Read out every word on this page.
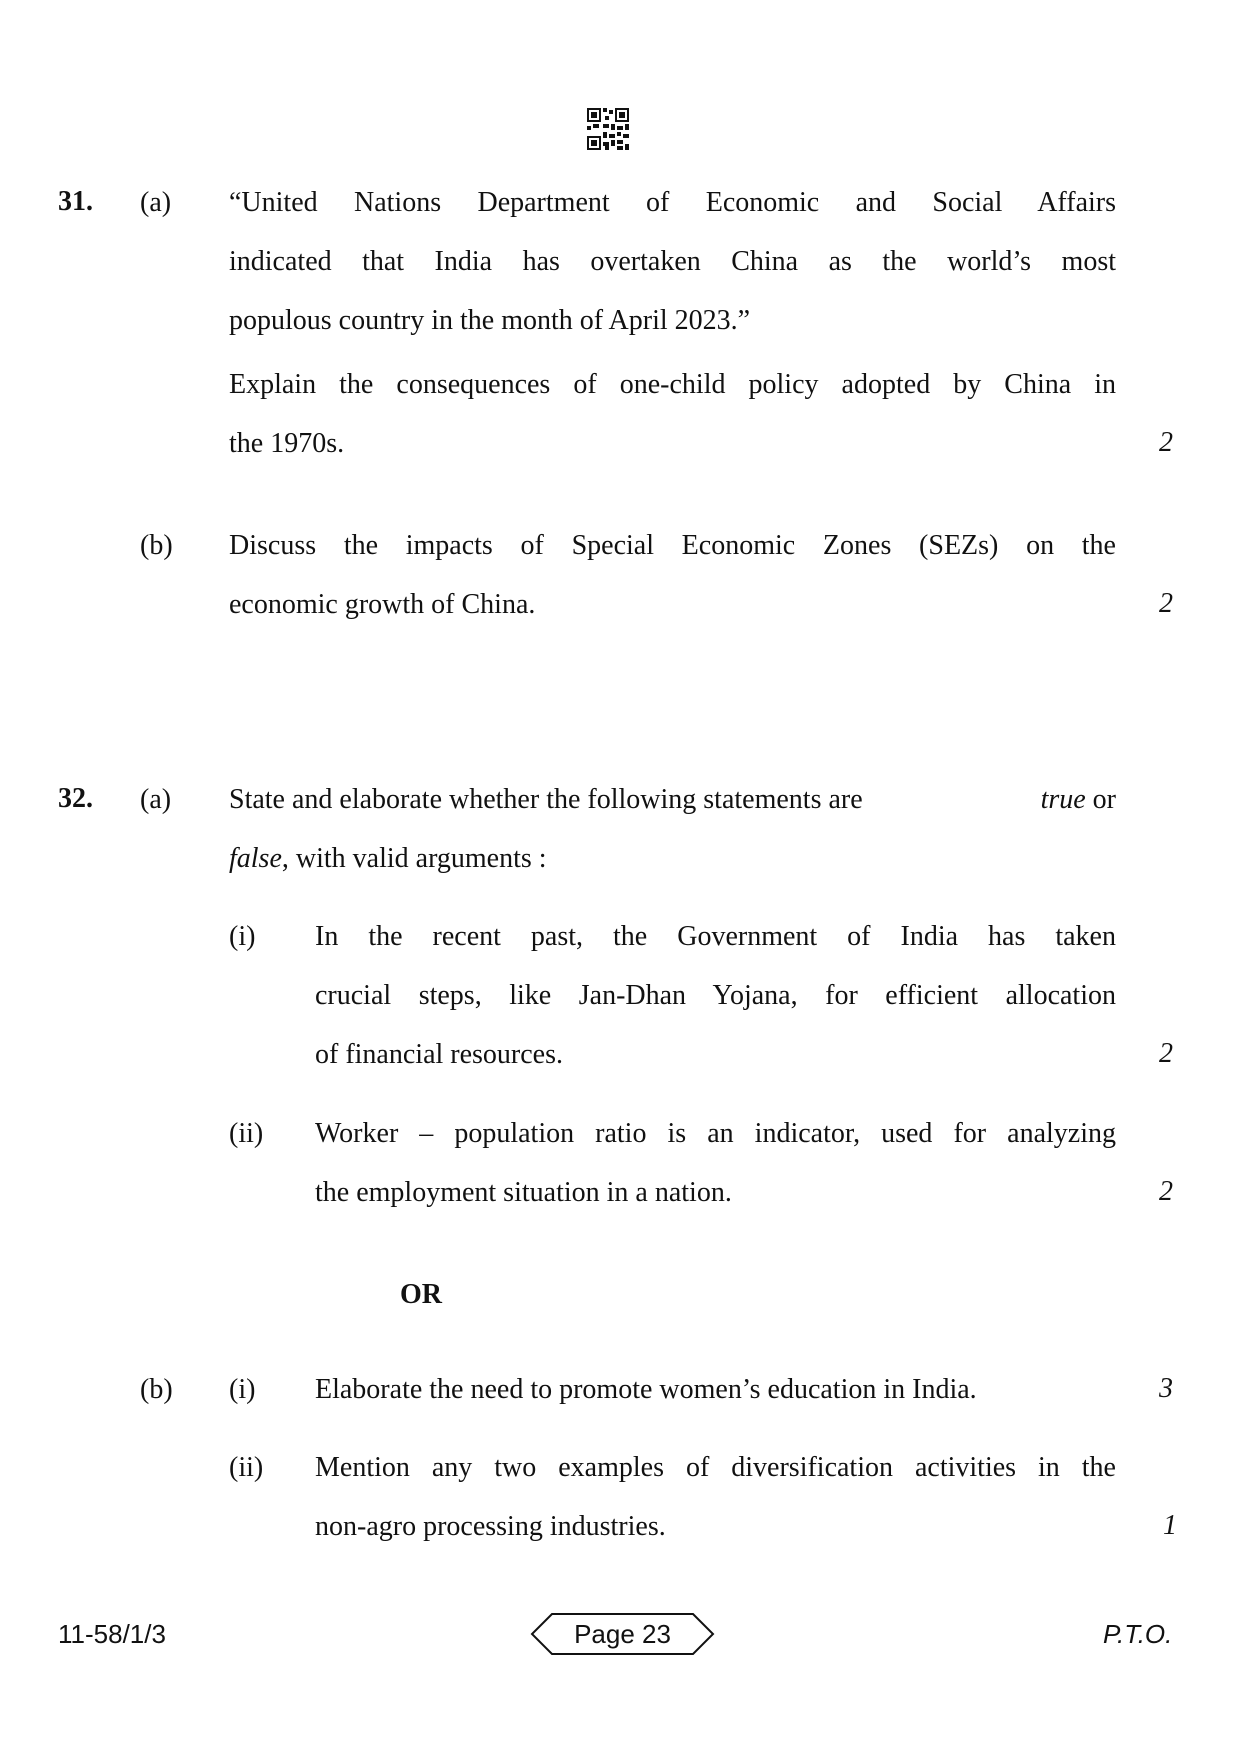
31. (a) “United Nations Department of Economic and Social Affairs
indicated that India has overtaken China as the world’s most
populous country in the month of April 2023.”
Explain the consequences of one-child policy adopted by China in
the 1970s.	2
(b) Discuss the impacts of Special Economic Zones (SEZs) on the
economic growth of China.	2
32. (a) State and elaborate whether the following statements are	true or
false, with valid arguments :
(i) In the recent past, the Government of India has taken
crucial steps, like Jan-Dhan Yojana, for efficient allocation
of financial resources.	2
(ii) Worker – population ratio is an indicator, used for analyzing
the employment situation in a nation.	2
OR
(b) (i) Elaborate the need to promote women’s education in India.	3
(ii) Mention any two examples of diversification activities in the
non-agro processing industries.	1
11-58/1/3	Page 23	P.T.O.
